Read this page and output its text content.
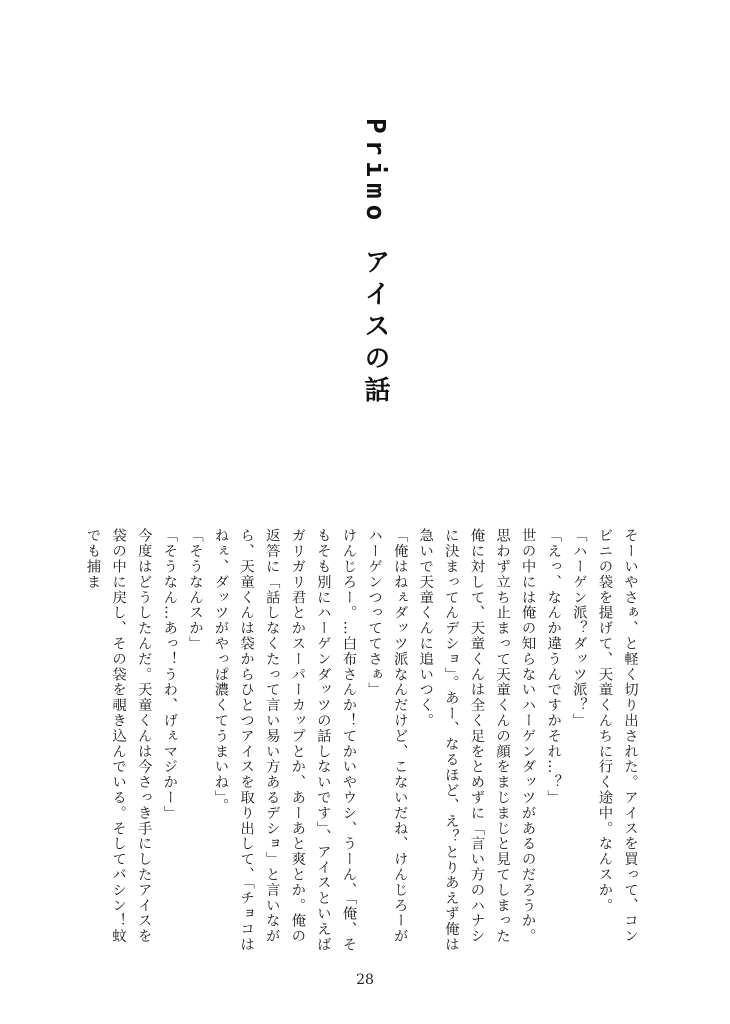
Primo アイスの話

そーいやさぁ、と軽く切り出された。アイスを買って、コンビニの袋を提げて、天童くんちに行く途中。なんスか。

「ハーゲン派？ダッツ派？」

「えっ、なんか違うんですかそれ…？」

世の中には俺の知らないハーゲンダッツがあるのだろうか。思わず立ち止まって天童くんの顔をまじまじと見てしまった俺に対して、天童くんは全く足をとめずに「言い方のハナシに決まってんデショ」。あー、なるほど、え？とりあえず俺は急いで天童くんに追いつく。

「俺はねぇダッツ派なんだけど、こないだね、けんじろーがハーゲンつっててさぁ」

けんじろー。…白布さんか！てかいやウシ、うーん、「俺、そもそも別にハーゲンダッツの話しないです」、アイスといえばガリガリ君とかスーパーカップとか、あーあと爽とか。俺の返答に「話しなくたって言い易い方あるデショ」と言いながら、天童くんは袋からひとつアイスを取り出して、「チョコはねぇ、ダッツがやっぱ濃くてうまいね」。

「そうなんスか」

「そうなん…あっ！うわ、げぇマジかー」

今度はどうしたんだ。天童くんは今さっき手にしたアイスを袋の中に戻し、その袋を覗き込んでいる。そしてバシン！蚊でも捕ま

28
